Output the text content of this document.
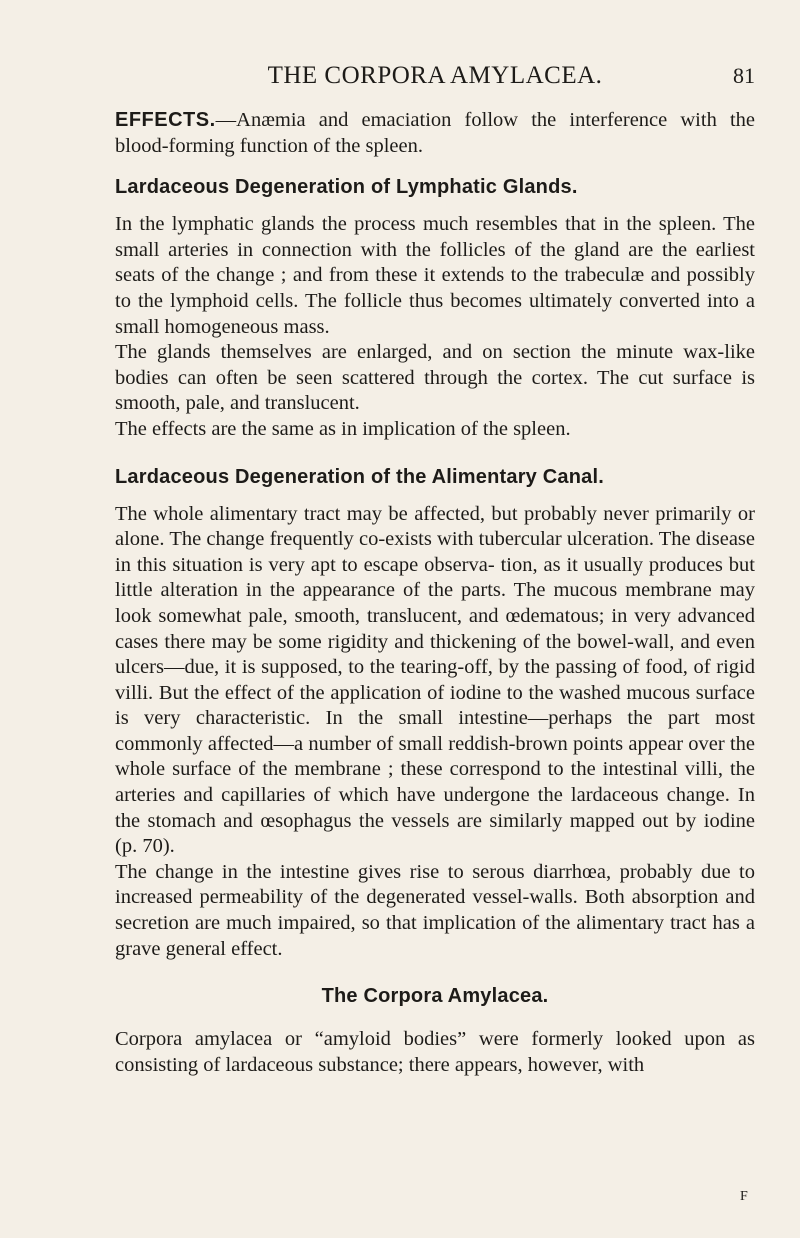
THE CORPORA AMYLACEA.	81

EFFECTS.—Anæmia and emaciation follow the interference with the blood-forming function of the spleen.

Lardaceous Degeneration of Lymphatic Glands.

In the lymphatic glands the process much resembles that in the spleen. The small arteries in connection with the follicles of the gland are the earliest seats of the change ; and from these it extends to the trabeculæ and possibly to the lymphoid cells. The follicle thus becomes ultimately converted into a small homogeneous mass.

The glands themselves are enlarged, and on section the minute wax-like bodies can often be seen scattered through the cortex. The cut surface is smooth, pale, and translucent.

The effects are the same as in implication of the spleen.

Lardaceous Degeneration of the Alimentary Canal.

The whole alimentary tract may be affected, but probably never primarily or alone. The change frequently co-exists with tubercular ulceration. The disease in this situation is very apt to escape observa- tion, as it usually produces but little alteration in the appearance of the parts. The mucous membrane may look somewhat pale, smooth, translucent, and œdematous; in very advanced cases there may be some rigidity and thickening of the bowel-wall, and even ulcers—due, it is supposed, to the tearing-off, by the passing of food, of rigid villi. But the effect of the application of iodine to the washed mucous surface is very characteristic. In the small intestine—perhaps the part most commonly affected—a number of small reddish-brown points appear over the whole surface of the membrane ; these correspond to the intestinal villi, the arteries and capillaries of which have undergone the lardaceous change. In the stomach and œsophagus the vessels are similarly mapped out by iodine (p. 70).

The change in the intestine gives rise to serous diarrhœa, probably due to increased permeability of the degenerated vessel-walls. Both absorption and secretion are much impaired, so that implication of the alimentary tract has a grave general effect.

The Corpora Amylacea.

Corpora amylacea or “amyloid bodies” were formerly looked upon as consisting of lardaceous substance; there appears, however, with

F
